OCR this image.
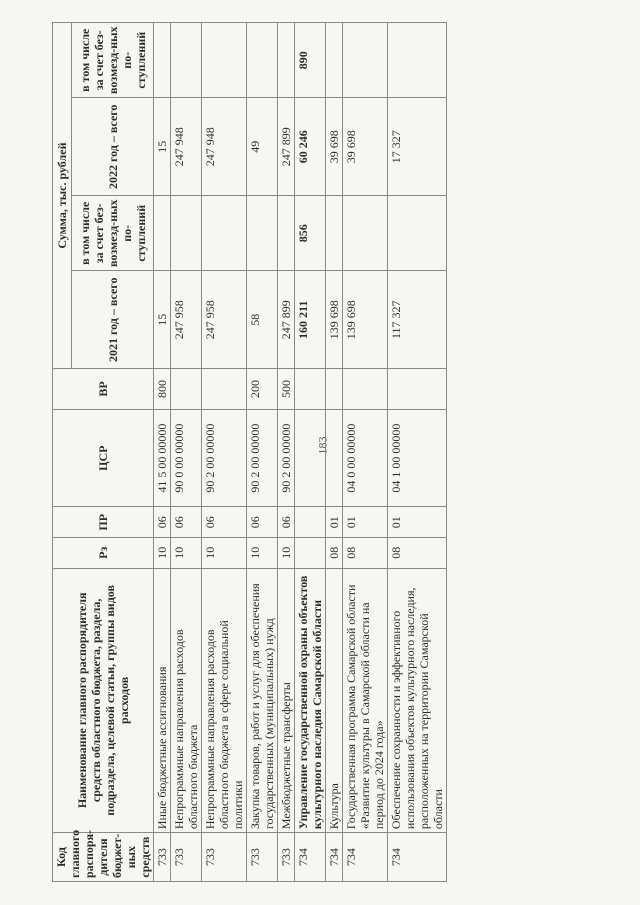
183
Код главного распоря-дителя бюджет-ных средств	Наименование главного распорядителя средств областного бюджета, раздела, подраздела, целевой статьи, группы видов расходов	Рз	ПР	ЦСР	ВР	Сумма, тыс. рублей			
						2021 год – всего	в том числе за счет без-возмезд-ных по-ступлений	2022 год – всего	в том числе за счет без-возмезд-ных по-ступлений
733	Иные бюджетные ассигнования	10	06	41 5 00 00000	800	15		15	
733	Непрограммные направления расходов областного бюджета	10	06	90 0 00 00000		247 958		247 948	
733	Непрограммные направления расходов областного бюджета в сфере социальной политики	10	06	90 2 00 00000		247 958		247 948	
733	Закупка товаров, работ и услуг для обеспечения государственных (муниципальных) нужд	10	06	90 2 00 00000	200	58		49	
733	Межбюджетные трансферты	10	06	90 2 00 00000	500	247 899		247 899	
734	Управление государственной охраны объектов культурного наследия Самарской области					160 211	856	60 246	890
734	Культура	08	01			139 698		39 698	
734	Государственная программа Самарской области «Развитие культуры в Самарской области на период до 2024 года»	08	01	04 0 00 00000		139 698		39 698	
734	Обеспечение сохранности и эффективного использования объектов культурного наследия, расположенных на территории Самарской области	08	01	04 1 00 00000		117 327		17 327	
